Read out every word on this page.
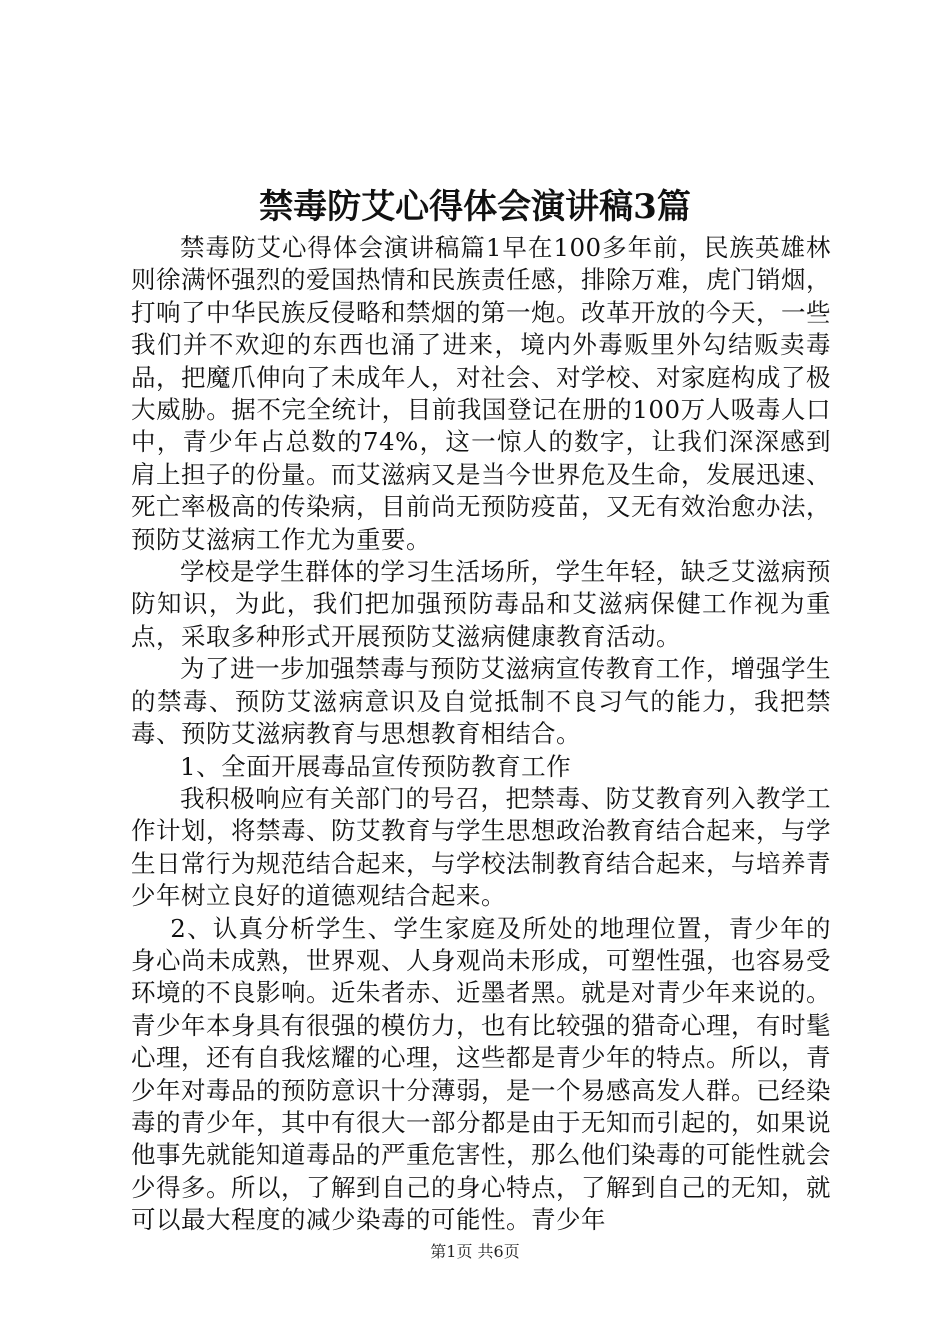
禁毒防艾心得体会演讲稿3篇

禁毒防艾心得体会演讲稿篇1早在100多年前，民族英雄林则徐满怀强烈的爱国热情和民族责任感，排除万难，虎门销烟，打响了中华民族反侵略和禁烟的第一炮。改革开放的今天，一些我们并不欢迎的东西也涌了进来，境内外毒贩里外勾结贩卖毒品，把魔爪伸向了未成年人，对社会、对学校、对家庭构成了极大威胁。据不完全统计，目前我国登记在册的100万人吸毒人口中，青少年占总数的74%，这一惊人的数字，让我们深深感到肩上担子的份量。而艾滋病又是当今世界危及生命，发展迅速、死亡率极高的传染病，目前尚无预防疫苗，又无有效治愈办法，预防艾滋病工作尤为重要。

学校是学生群体的学习生活场所，学生年轻，缺乏艾滋病预防知识，为此，我们把加强预防毒品和艾滋病保健工作视为重点，采取多种形式开展预防艾滋病健康教育活动。

为了进一步加强禁毒与预防艾滋病宣传教育工作，增强学生的禁毒、预防艾滋病意识及自觉抵制不良习气的能力，我把禁毒、预防艾滋病教育与思想教育相结合。

1、全面开展毒品宣传预防教育工作

我积极响应有关部门的号召，把禁毒、防艾教育列入教学工作计划，将禁毒、防艾教育与学生思想政治教育结合起来，与学生日常行为规范结合起来，与学校法制教育结合起来，与培养青少年树立良好的道德观结合起来。

2、认真分析学生、学生家庭及所处的地理位置，青少年的身心尚未成熟，世界观、人身观尚未形成，可塑性强，也容易受环境的不良影响。近朱者赤、近墨者黑。就是对青少年来说的。青少年本身具有很强的模仿力，也有比较强的猎奇心理，有时髦心理，还有自我炫耀的心理，这些都是青少年的特点。所以，青少年对毒品的预防意识十分薄弱，是一个易感高发人群。已经染毒的青少年，其中有很大一部分都是由于无知而引起的，如果说他事先就能知道毒品的严重危害性，那么他们染毒的可能性就会少得多。所以，了解到自己的身心特点，了解到自己的无知，就可以最大程度的减少染毒的可能性。青少年

第1页 共6页
